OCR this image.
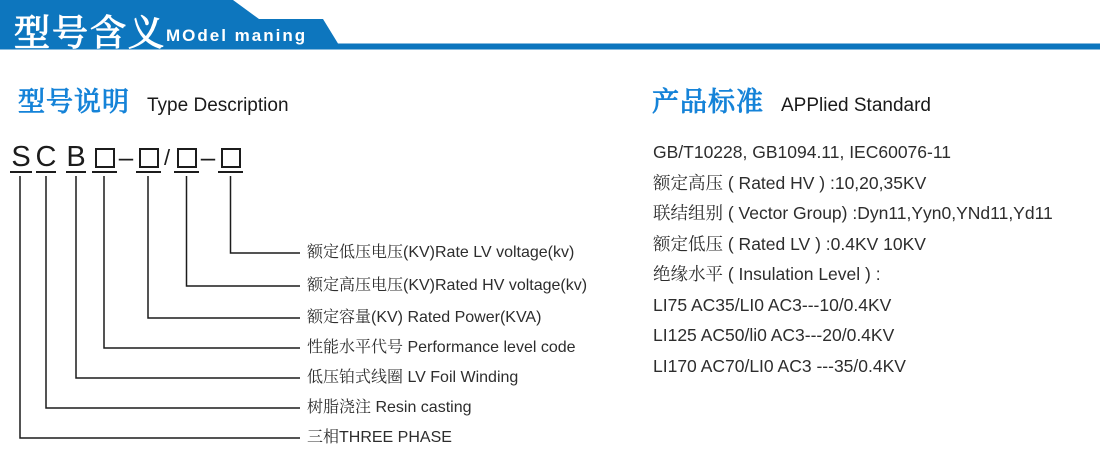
型号含义 MOdel maning
型号说明 Type Description
S C B – / –
额定低压电压(KV)Rate LV voltage(kv)
额定高压电压(KV)Rated HV voltage(kv)
额定容量(KV) Rated Power(KVA)
性能水平代号 Performance level code
低压铂式线圈 LV Foil Winding
树脂浇注 Resin casting
三相THREE PHASE
产品标准 APPlied Standard
GB/T10228, GB1094.11, IEC60076-11
额定高压 ( Rated HV ) :10,20,35KV
联结组别 ( Vector Group) :Dyn11,Yyn0,YNd11,Yd11
额定低压 ( Rated LV ) :0.4KV 10KV
绝缘水平 ( Insulation Level ) :
LI75 AC35/LI0 AC3---10/0.4KV
LI125 AC50/li0 AC3---20/0.4KV
LI170 AC70/LI0 AC3 ---35/0.4KV
